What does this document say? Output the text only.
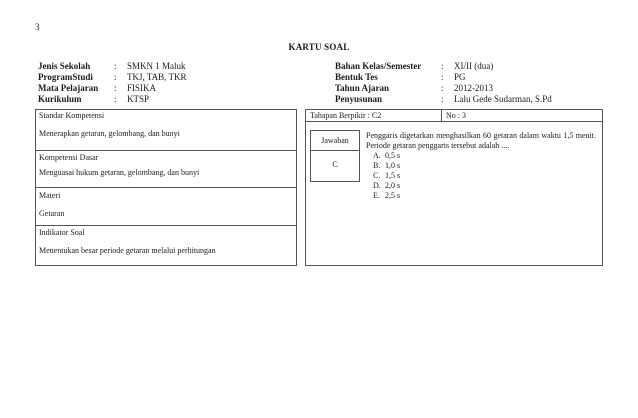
3
KARTU SOAL
Jenis Sekolah
ProgramStudi
Mata Pelajaran
Kurikulum
:
:
:
:
SMKN 1 Maluk
TKJ, TAB, TKR
FISIKA
KTSP
Bahan Kelas/Semester
Bentuk Tes
Tahun Ajaran
Penyusunan
:
:
:
:
XI/II (dua)
PG
2012-2013
Lalu Gede Sudarman, S.Pd
Standar Kompetensi
Menerapkan getaran, gelombang, dan bunyi
Kompetensi Dasar
Menguasai hukum getaran, gelombang, dan bunyi
Materi
Getaran
Indikator Soal
Menentukan besar periode getaran melalui perhitungan
Tahapan Berpikir : C2	No : 3
Jawaban
C
Penggaris digetarkan menghasilkan 60 getaran dalam waktu 1,5 menit. Periode getaran penggaris tersebut adalah ....
A. 0,5 s
B. 1,0 s
C. 1,5 s
D. 2,0 s
E. 2,5 s
